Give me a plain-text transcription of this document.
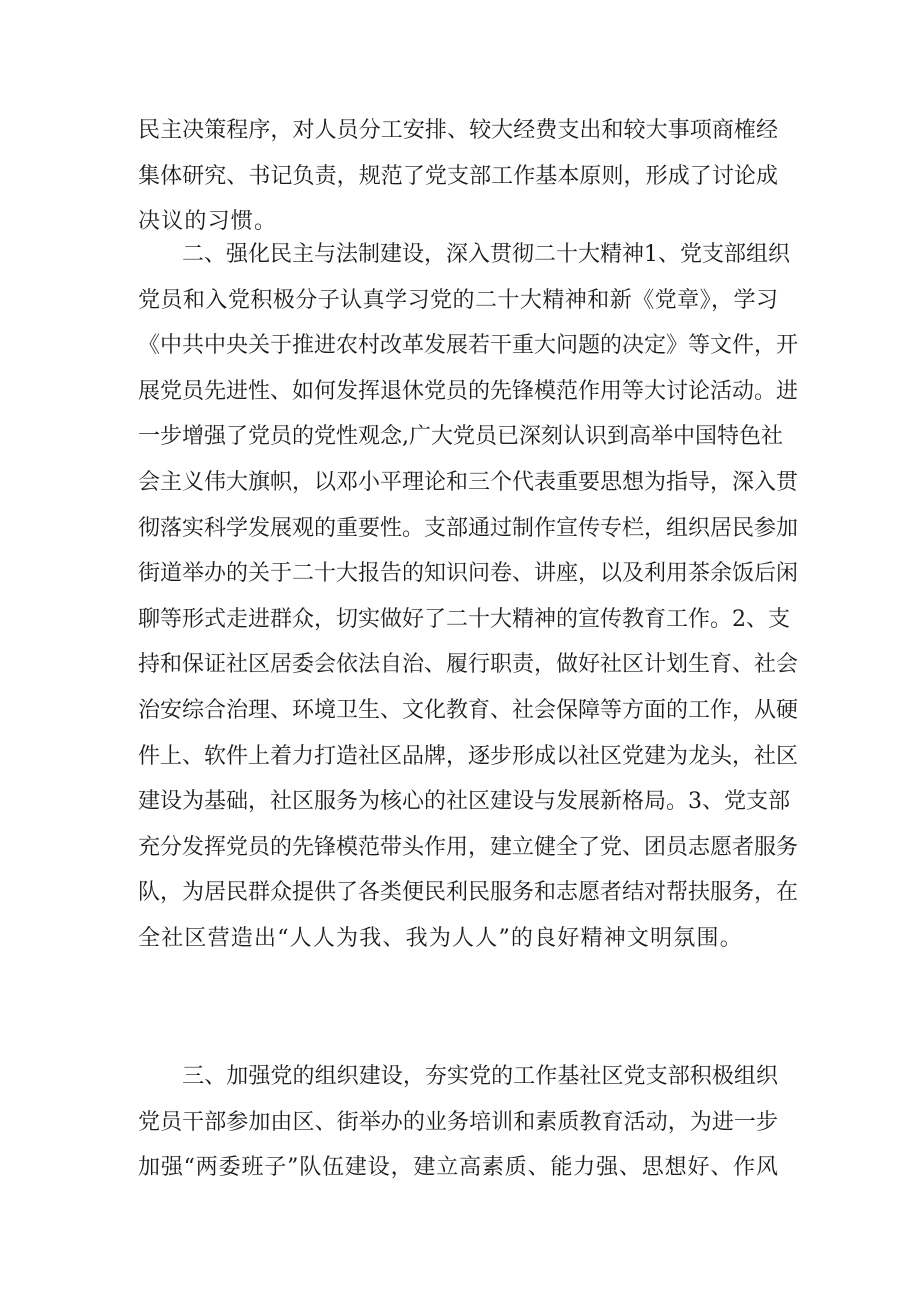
民主决策程序，对人员分工安排、较大经费支出和较大事项商榷经
集体研究、书记负责，规范了党支部工作基本原则，形成了讨论成
决议的习惯。
　　二、强化民主与法制建设，深入贯彻二十大精神1、党支部组织
党员和入党积极分子认真学习党的二十大精神和新《党章》，学习
《中共中央关于推进农村改革发展若干重大问题的决定》等文件，开
展党员先进性、如何发挥退休党员的先锋模范作用等大讨论活动。进
一步增强了党员的党性观念,广大党员已深刻认识到高举中国特色社
会主义伟大旗帜，以邓小平理论和三个代表重要思想为指导，深入贯
彻落实科学发展观的重要性。支部通过制作宣传专栏，组织居民参加
街道举办的关于二十大报告的知识问卷、讲座，以及利用茶余饭后闲
聊等形式走进群众，切实做好了二十大精神的宣传教育工作。2、支
持和保证社区居委会依法自治、履行职责，做好社区计划生育、社会
治安综合治理、环境卫生、文化教育、社会保障等方面的工作，从硬
件上、软件上着力打造社区品牌，逐步形成以社区党建为龙头，社区
建设为基础，社区服务为核心的社区建设与发展新格局。3、党支部
充分发挥党员的先锋模范带头作用，建立健全了党、团员志愿者服务
队，为居民群众提供了各类便民利民服务和志愿者结对帮扶服务，在
全社区营造出“人人为我、我为人人”的良好精神文明氛围。
　　三、加强党的组织建设，夯实党的工作基社区党支部积极组织
党员干部参加由区、街举办的业务培训和素质教育活动，为进一步
加强“两委班子”队伍建设，建立高素质、能力强、思想好、作风
